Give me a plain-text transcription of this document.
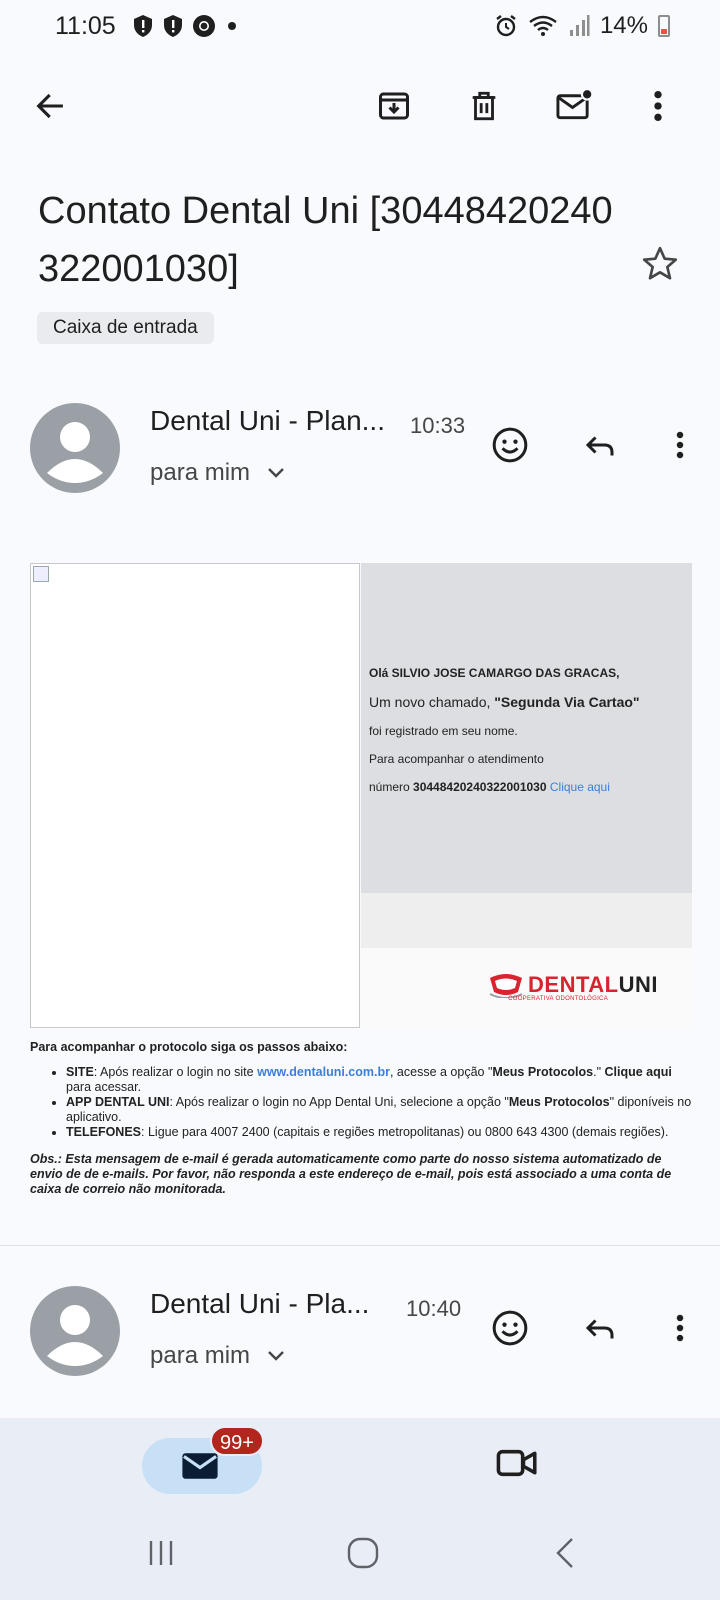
11:05	14%
Contato Dental Uni [30448420240322001030]
Caixa de entrada
Dental Uni - Plan... 10:33
para mim
Olá SILVIO JOSE CAMARGO DAS GRACAS,
Um novo chamado, "Segunda Via Cartao"
foi registrado em seu nome.
Para acompanhar o atendimento
número 30448420240322001030 Clique aqui
DENTALUNI
COOPERATIVA ODONTOLÓGICA
Para acompanhar o protocolo siga os passos abaixo:
• SITE: Após realizar o login no site www.dentaluni.com.br, acesse a opção "Meus Protocolos." Clique aqui para acessar.
• APP DENTAL UNI: Após realizar o login no App Dental Uni, selecione a opção "Meus Protocolos" diponíveis no aplicativo.
• TELEFONES: Ligue para 4007 2400 (capitais e regiões metropolitanas) ou 0800 643 4300 (demais regiões).
Obs.: Esta mensagem de e-mail é gerada automaticamente como parte do nosso sistema automatizado de envio de de e-mails. Por favor, não responda a este endereço de e-mail, pois está associado a uma conta de caixa de correio não monitorada.
Dental Uni - Pla... 10:40
para mim
99+
